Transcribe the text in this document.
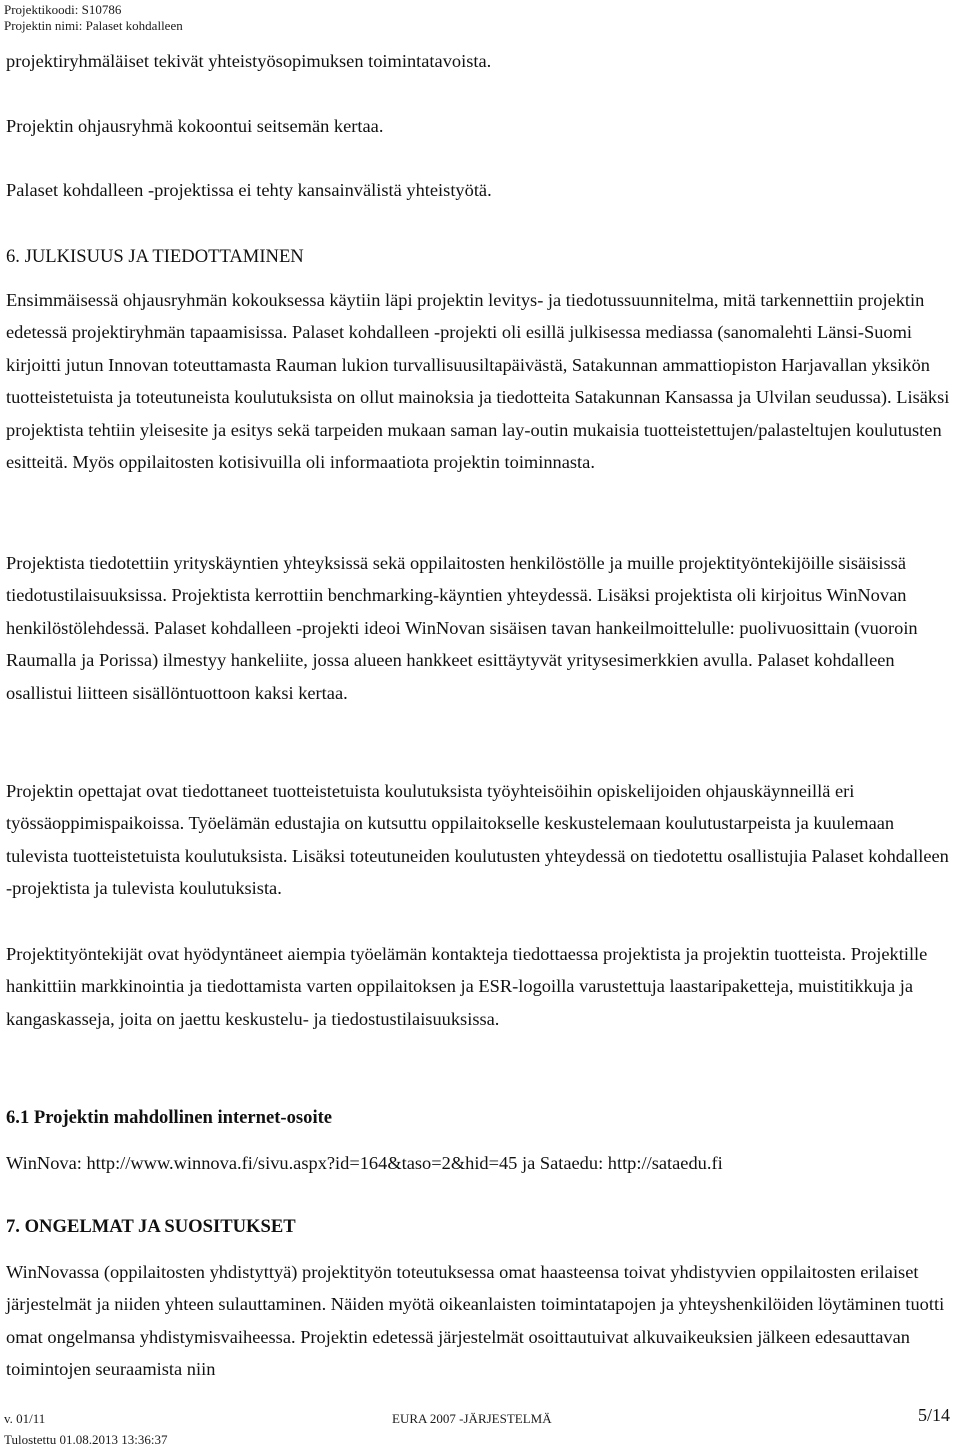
Projektikoodi: S10786
Projektin nimi: Palaset kohdalleen

projektiryhmäläiset tekivät yhteistyösopimuksen toimintatavoista.

Projektin ohjausryhmä kokoontui seitsemän kertaa.

Palaset kohdalleen -projektissa ei tehty kansainvälistä yhteistyötä.

6. JULKISUUS JA TIEDOTTAMINEN

Ensimmäisessä ohjausryhmän kokouksessa käytiin läpi projektin levitys- ja tiedotussuunnitelma, mitä tarkennettiin projektin edetessä projektiryhmän tapaamisissa. Palaset kohdalleen -projekti oli esillä julkisessa mediassa (sanomalehti Länsi-Suomi kirjoitti jutun Innovan toteuttamasta Rauman lukion turvallisuusiltapäivästä, Satakunnan ammattiopiston Harjavallan yksikön tuotteistetuista ja toteutuneista koulutuksista on ollut mainoksia ja tiedotteita Satakunnan Kansassa ja Ulvilan seudussa). Lisäksi projektista tehtiin yleisesite ja esitys sekä tarpeiden mukaan saman lay-outin mukaisia tuotteistettujen/palasteltujen koulutusten esitteitä. Myös oppilaitosten kotisivuilla oli informaatiota projektin toiminnasta.

Projektista tiedotettiin yrityskäyntien yhteyksissä sekä oppilaitosten henkilöstölle ja muille projektityöntekijöille sisäisissä tiedotustilaisuuksissa. Projektista kerrottiin benchmarking-käyntien yhteydessä. Lisäksi projektista oli kirjoitus WinNovan henkilöstölehdessä. Palaset kohdalleen -projekti ideoi WinNovan sisäisen tavan hankeilmoittelulle: puolivuosittain (vuoroin Raumalla ja Porissa) ilmestyy hankeliite, jossa alueen hankkeet esittäytyvät yritysesimerkkien avulla. Palaset kohdalleen osallistui liitteen sisällöntuottoon kaksi kertaa.

Projektin opettajat ovat tiedottaneet tuotteistetuista koulutuksista työyhteisöihin opiskelijoiden ohjauskäynneillä eri työssäoppimispaikoissa. Työelämän edustajia on kutsuttu oppilaitokselle keskustelemaan koulutustarpeista ja kuulemaan tulevista tuotteistetuista koulutuksista. Lisäksi toteutuneiden koulutusten yhteydessä on tiedotettu osallistujia Palaset kohdalleen -projektista ja tulevista koulutuksista.

Projektityöntekijät ovat hyödyntäneet aiempia työelämän kontakteja tiedottaessa projektista ja projektin tuotteista. Projektille hankittiin markkinointia ja tiedottamista varten oppilaitoksen ja ESR-logoilla varustettuja laastaripaketteja, muistitikkuja ja kangaskasseja, joita on jaettu keskustelu- ja tiedostustilaisuuksissa.

6.1 Projektin mahdollinen internet-osoite

WinNova: http://www.winnova.fi/sivu.aspx?id=164&taso=2&hid=45 ja Sataedu: http://sataedu.fi

7. ONGELMAT JA SUOSITUKSET

WinNovassa (oppilaitosten yhdistyttyä) projektityön toteutuksessa omat haasteensa toivat yhdistyvien oppilaitosten erilaiset järjestelmät ja niiden yhteen sulauttaminen. Näiden myötä oikeanlaisten toimintatapojen ja yhteyshenkilöiden löytäminen tuotti omat ongelmansa yhdistymisvaiheessa. Projektin edetessä järjestelmät osoittautuivat alkuvaikeuksien jälkeen edesauttavan toimintojen seuraamista niin

v. 01/11
Tulostettu 01.08.2013 13:36:37
EURA 2007 -JÄRJESTELMÄ	5/14
